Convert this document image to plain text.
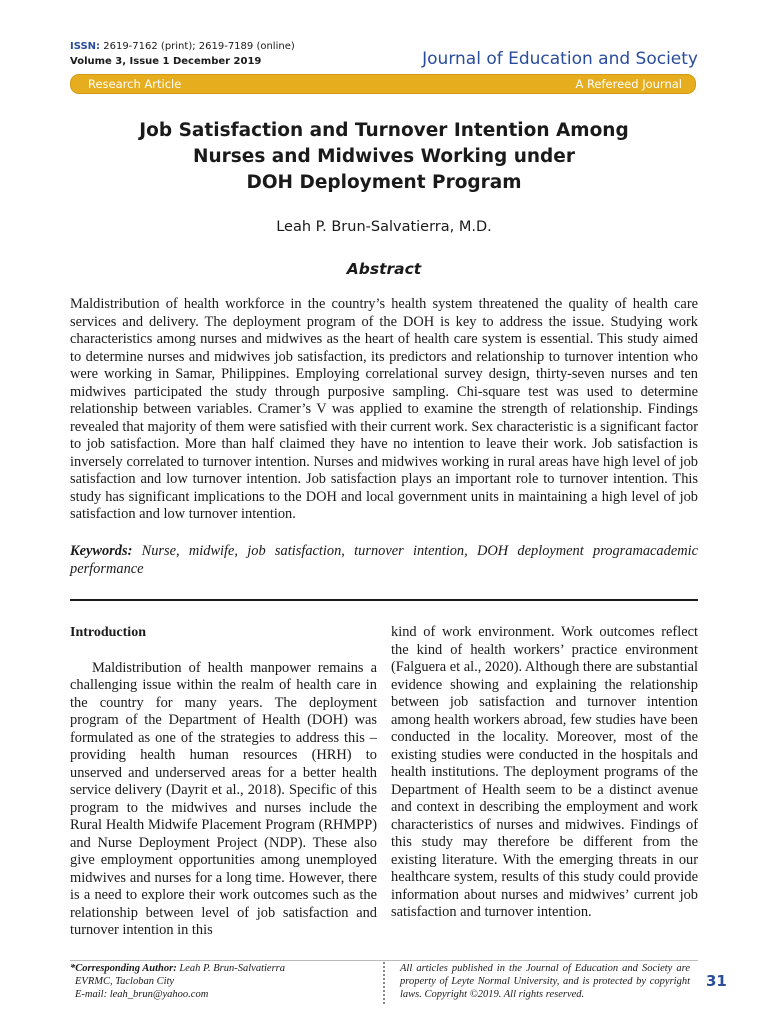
ISSN: 2619-7162 (print); 2619-7189 (online)
Volume 3, Issue 1 December 2019	Journal of Education and Society
Research Article	A Refereed Journal
Job Satisfaction and Turnover Intention Among
Nurses and Midwives Working under
DOH Deployment Program
Leah P. Brun-Salvatierra, M.D.
Abstract

Maldistribution of health workforce in the country’s health system threatened the quality of health care services and delivery. The deployment program of the DOH is key to address the issue. Studying work characteristics among nurses and midwives as the heart of health care system is essential. This study aimed to determine nurses and midwives job satisfaction, its predictors and relationship to turnover intention who were working in Samar, Philippines. Employing correlational survey design, thirty-seven nurses and ten midwives participated the study through purposive sampling. Chi-square test was used to determine relationship between variables. Cramer’s V was applied to examine the strength of relationship. Findings revealed that majority of them were satisfied with their current work. Sex characteristic is a significant factor to job satisfaction. More than half claimed they have no intention to leave their work. Job satisfaction is inversely correlated to turnover intention. Nurses and midwives working in rural areas have high level of job satisfaction and low turnover intention. Job satisfaction plays an important role to turnover intention. This study has significant implications to the DOH and local government units in maintaining a high level of job satisfaction and low turnover intention.

Keywords: Nurse, midwife, job satisfaction, turnover intention, DOH deployment programacademic performance

Introduction

Maldistribution of health manpower remains a challenging issue within the realm of health care in the country for many years. The deployment program of the Department of Health (DOH) was formulated as one of the strategies to address this – providing health human resources (HRH) to unserved and underserved areas for a better health service delivery (Dayrit et al., 2018). Specific of this program to the midwives and nurses include the Rural Health Midwife Placement Program (RHMPP) and Nurse Deployment Project (NDP). These also give employment opportunities among unemployed midwives and nurses for a long time. However, there is a need to explore their work outcomes such as the relationship between level of job satisfaction and turnover intention in this

kind of work environment. Work outcomes reflect the kind of health workers’ practice environment (Falguera et al., 2020). Although there are substantial evidence showing and explaining the relationship between job satisfaction and turnover intention among health workers abroad, few studies have been conducted in the locality. Moreover, most of the existing studies were conducted in the hospitals and health institutions. The deployment programs of the Department of Health seem to be a distinct avenue and context in describing the employment and work characteristics of nurses and midwives. Findings of this study may therefore be different from the existing literature. With the emerging threats in our healthcare system, results of this study could provide information about nurses and midwives’ current job satisfaction and turnover intention.

*Corresponding Author: Leah P. Brun-Salvatierra
EVRMC, Tacloban City
E-mail: leah_brun@yahoo.com
All articles published in the Journal of Education and Society are property of Leyte Normal University, and is protected by copyright laws. Copyright ©2019. All rights reserved.
31
